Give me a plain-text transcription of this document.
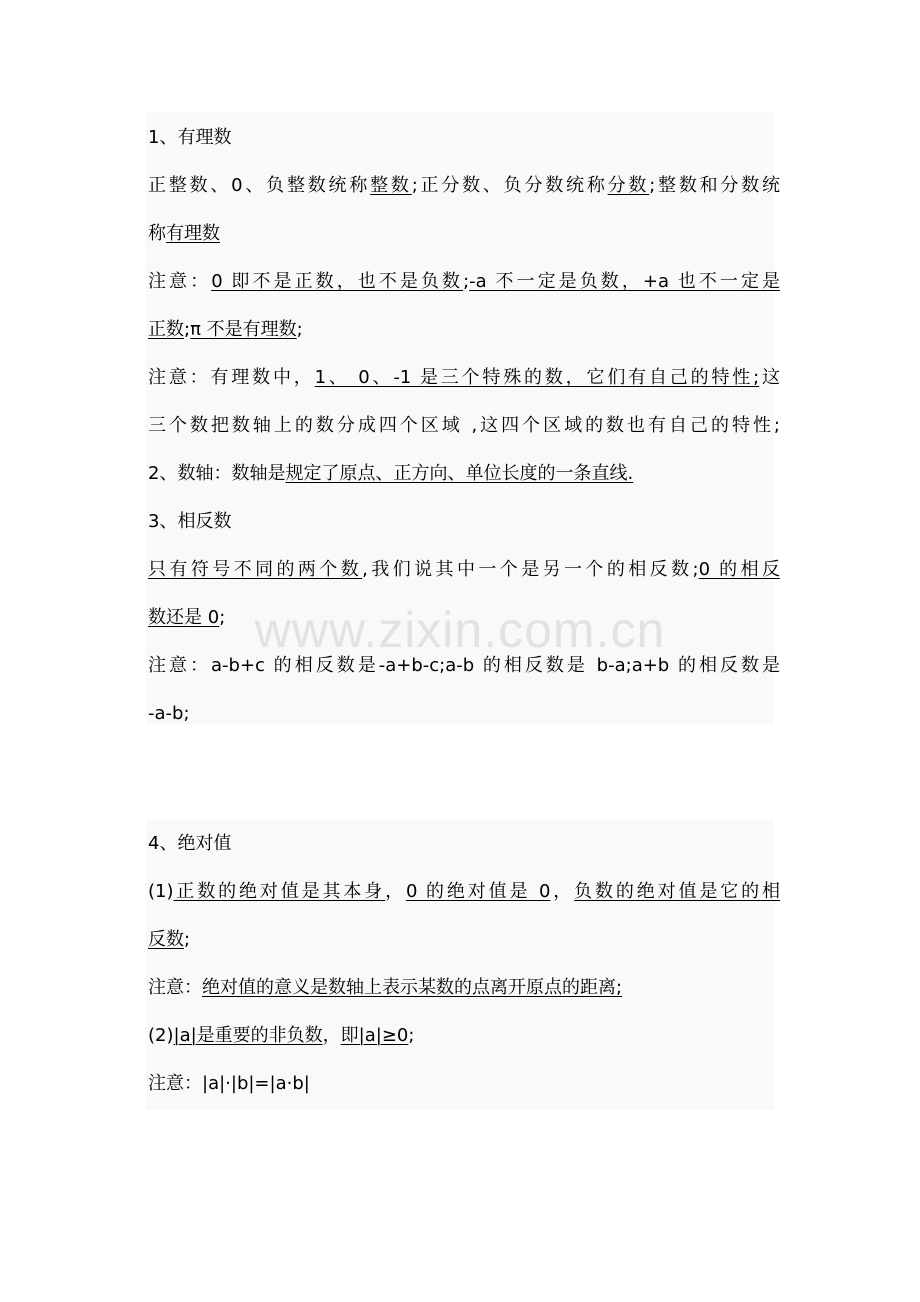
1、有理数
正整数、0、负整数统称整数;正分数、负分数统称分数;整数和分数统
称有理数
注意：0 即不是正数，也不是负数;-a 不一定是负数，+a 也不一定是
正数;π 不是有理数;
注意：有理数中，1、 0、-1 是三个特殊的数，它们有自己的特性;这
三个数把数轴上的数分成四个区域 ,这四个区域的数也有自己的特性;
2、数轴：数轴是规定了原点、正方向、单位长度的一条直线.
3、相反数
只有符号不同的两个数,我们说其中一个是另一个的相反数;0 的相反
数还是 0;
注意：a-b+c 的相反数是-a+b-c;a-b 的相反数是 b-a;a+b 的相反数是
-a-b;
4、绝对值
(1)正数的绝对值是其本身，0 的绝对值是 0，负数的绝对值是它的相
反数;
注意：绝对值的意义是数轴上表示某数的点离开原点的距离;
(2)|a|是重要的非负数，即|a|≥0;
注意：|a|·|b|=|a·b|
www.zixin.com.cn
